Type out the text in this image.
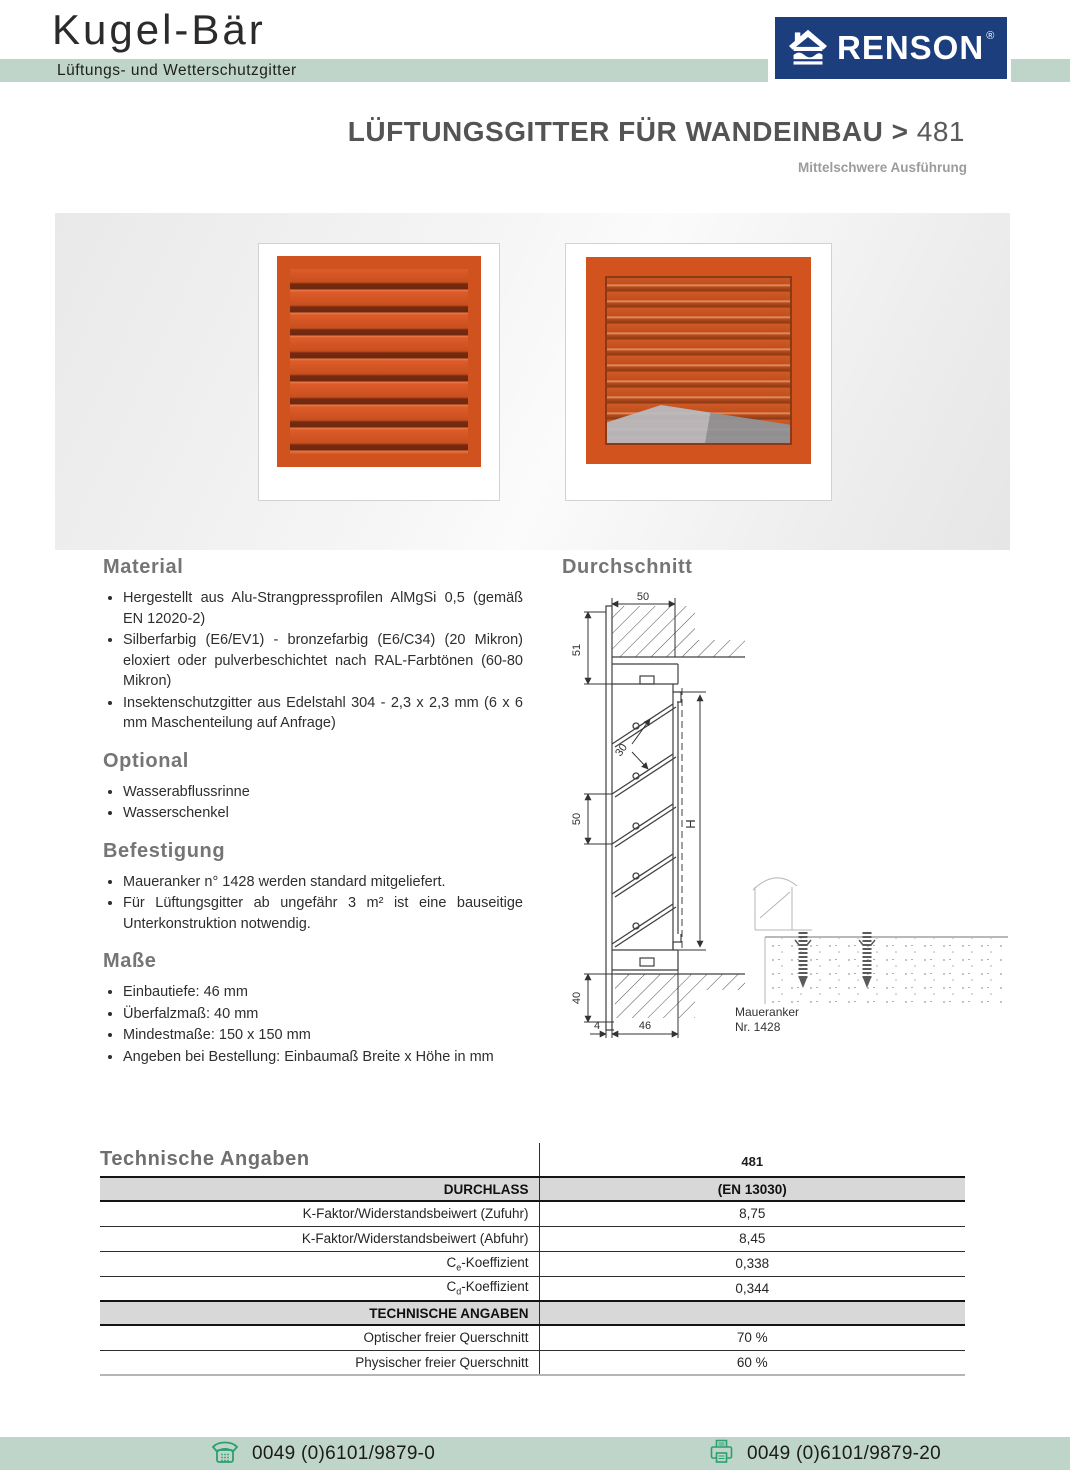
Kugel-Bär
Lüftungs- und Wetterschutzgitter
RENSON ®
LÜFTUNGSGITTER FÜR WANDEINBAU > 481
Mittelschwere Ausführung
Material
• Hergestellt aus Alu-Strangpressprofilen AlMgSi 0,5 (gemäß EN 12020-2)
• Silberfarbig (E6/EV1) - bronzefarbig (E6/C34) (20 Mikron) eloxiert oder pulverbeschichtet nach RAL-Farbtönen (60-80 Mikron)
• Insektenschutzgitter aus Edelstahl 304 - 2,3 x 2,3 mm (6 x 6 mm Maschenteilung auf Anfrage)
Optional
• Wasserabflussrinne
• Wasserschenkel
Befestigung
• Maueranker n° 1428 werden standard mitgeliefert.
• Für Lüftungsgitter ab ungefähr 3 m² ist eine bauseitige Unterkonstruktion notwendig.
Maße
• Einbautiefe: 46 mm
• Überfalzmaß: 40 mm
• Mindestmaße: 150 x 150 mm
• Angeben bei Bestellung: Einbaumaß Breite x Höhe in mm
Durchschnitt
50
51
50
30
H
40
4	46
Maueranker
Nr. 1428
Technische Angaben	481
DURCHLASS	(EN 13030)
K-Faktor/Widerstandsbeiwert (Zufuhr)	8,75
K-Faktor/Widerstandsbeiwert (Abfuhr)	8,45
$C_e$-Koeffizient	0,338
$C_d$-Koeffizient	0,344
TECHNISCHE ANGABEN	
Optischer freier Querschnitt	70 %
Physischer freier Querschnitt	60 %
0049 (0)6101/9879-0	0049 (0)6101/9879-20
